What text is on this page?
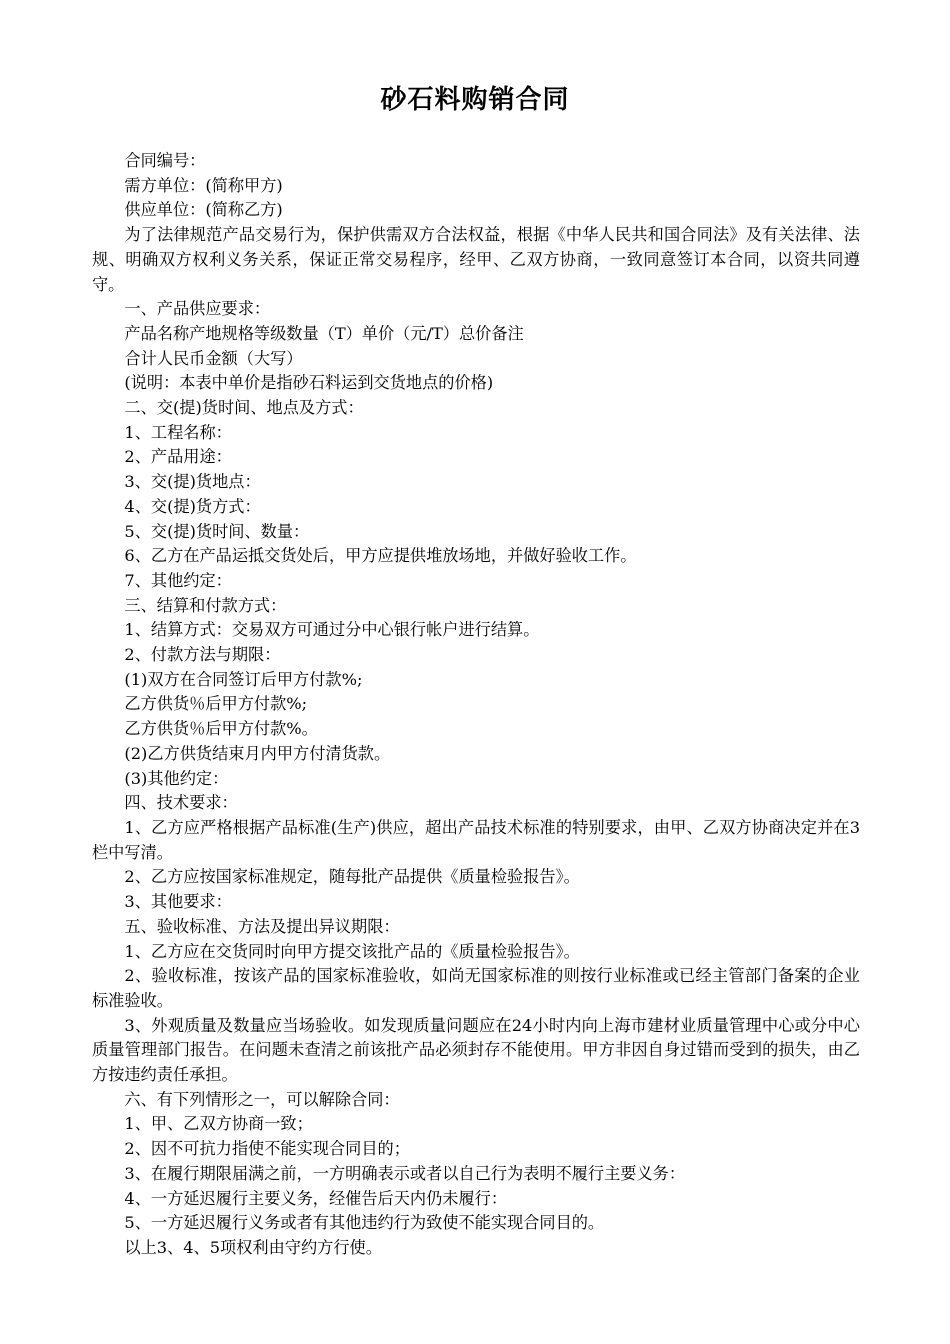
砂石料购销合同

合同编号：

需方单位：(简称甲方)

供应单位：(简称乙方)

为了法律规范产品交易行为，保护供需双方合法权益，根据《中华人民共和国合同法》及有关法律、法规、明确双方权利义务关系，保证正常交易程序，经甲、乙双方协商，一致同意签订本合同，以资共同遵守。

一、产品供应要求：

产品名称产地规格等级数量（T）单价（元/T）总价备注

合计人民币金额（大写）

(说明：本表中单价是指砂石料运到交货地点的价格)

二、交(提)货时间、地点及方式：

1、工程名称：

2、产品用途：

3、交(提)货地点：

4、交(提)货方式：

5、交(提)货时间、数量：

6、乙方在产品运抵交货处后，甲方应提供堆放场地，并做好验收工作。

7、其他约定：

三、结算和付款方式：

1、结算方式：交易双方可通过分中心银行帐户进行结算。

2、付款方法与期限：

(1)双方在合同签订后甲方付款%;

乙方供货％后甲方付款%;

乙方供货％后甲方付款%。

(2)乙方供货结束月内甲方付清货款。

(3)其他约定：

四、技术要求：

1、乙方应严格根据产品标准(生产)供应，超出产品技术标准的特别要求，由甲、乙双方协商决定并在3栏中写清。

2、乙方应按国家标准规定，随每批产品提供《质量检验报告》。

3、其他要求：

五、验收标准、方法及提出异议期限：

1、乙方应在交货同时向甲方提交该批产品的《质量检验报告》。

2、验收标准，按该产品的国家标准验收，如尚无国家标准的则按行业标准或已经主管部门备案的企业标准验收。

3、外观质量及数量应当场验收。如发现质量问题应在24小时内向上海市建材业质量管理中心或分中心质量管理部门报告。在问题未查清之前该批产品必须封存不能使用。甲方非因自身过错而受到的损失，由乙方按违约责任承担。

六、有下列情形之一，可以解除合同：

1、甲、乙双方协商一致；

2、因不可抗力指使不能实现合同目的；

3、在履行期限届满之前，一方明确表示或者以自己行为表明不履行主要义务：

4、一方延迟履行主要义务，经催告后天内仍未履行：

5、一方延迟履行义务或者有其他违约行为致使不能实现合同目的。

以上3、4、5项权利由守约方行使。
